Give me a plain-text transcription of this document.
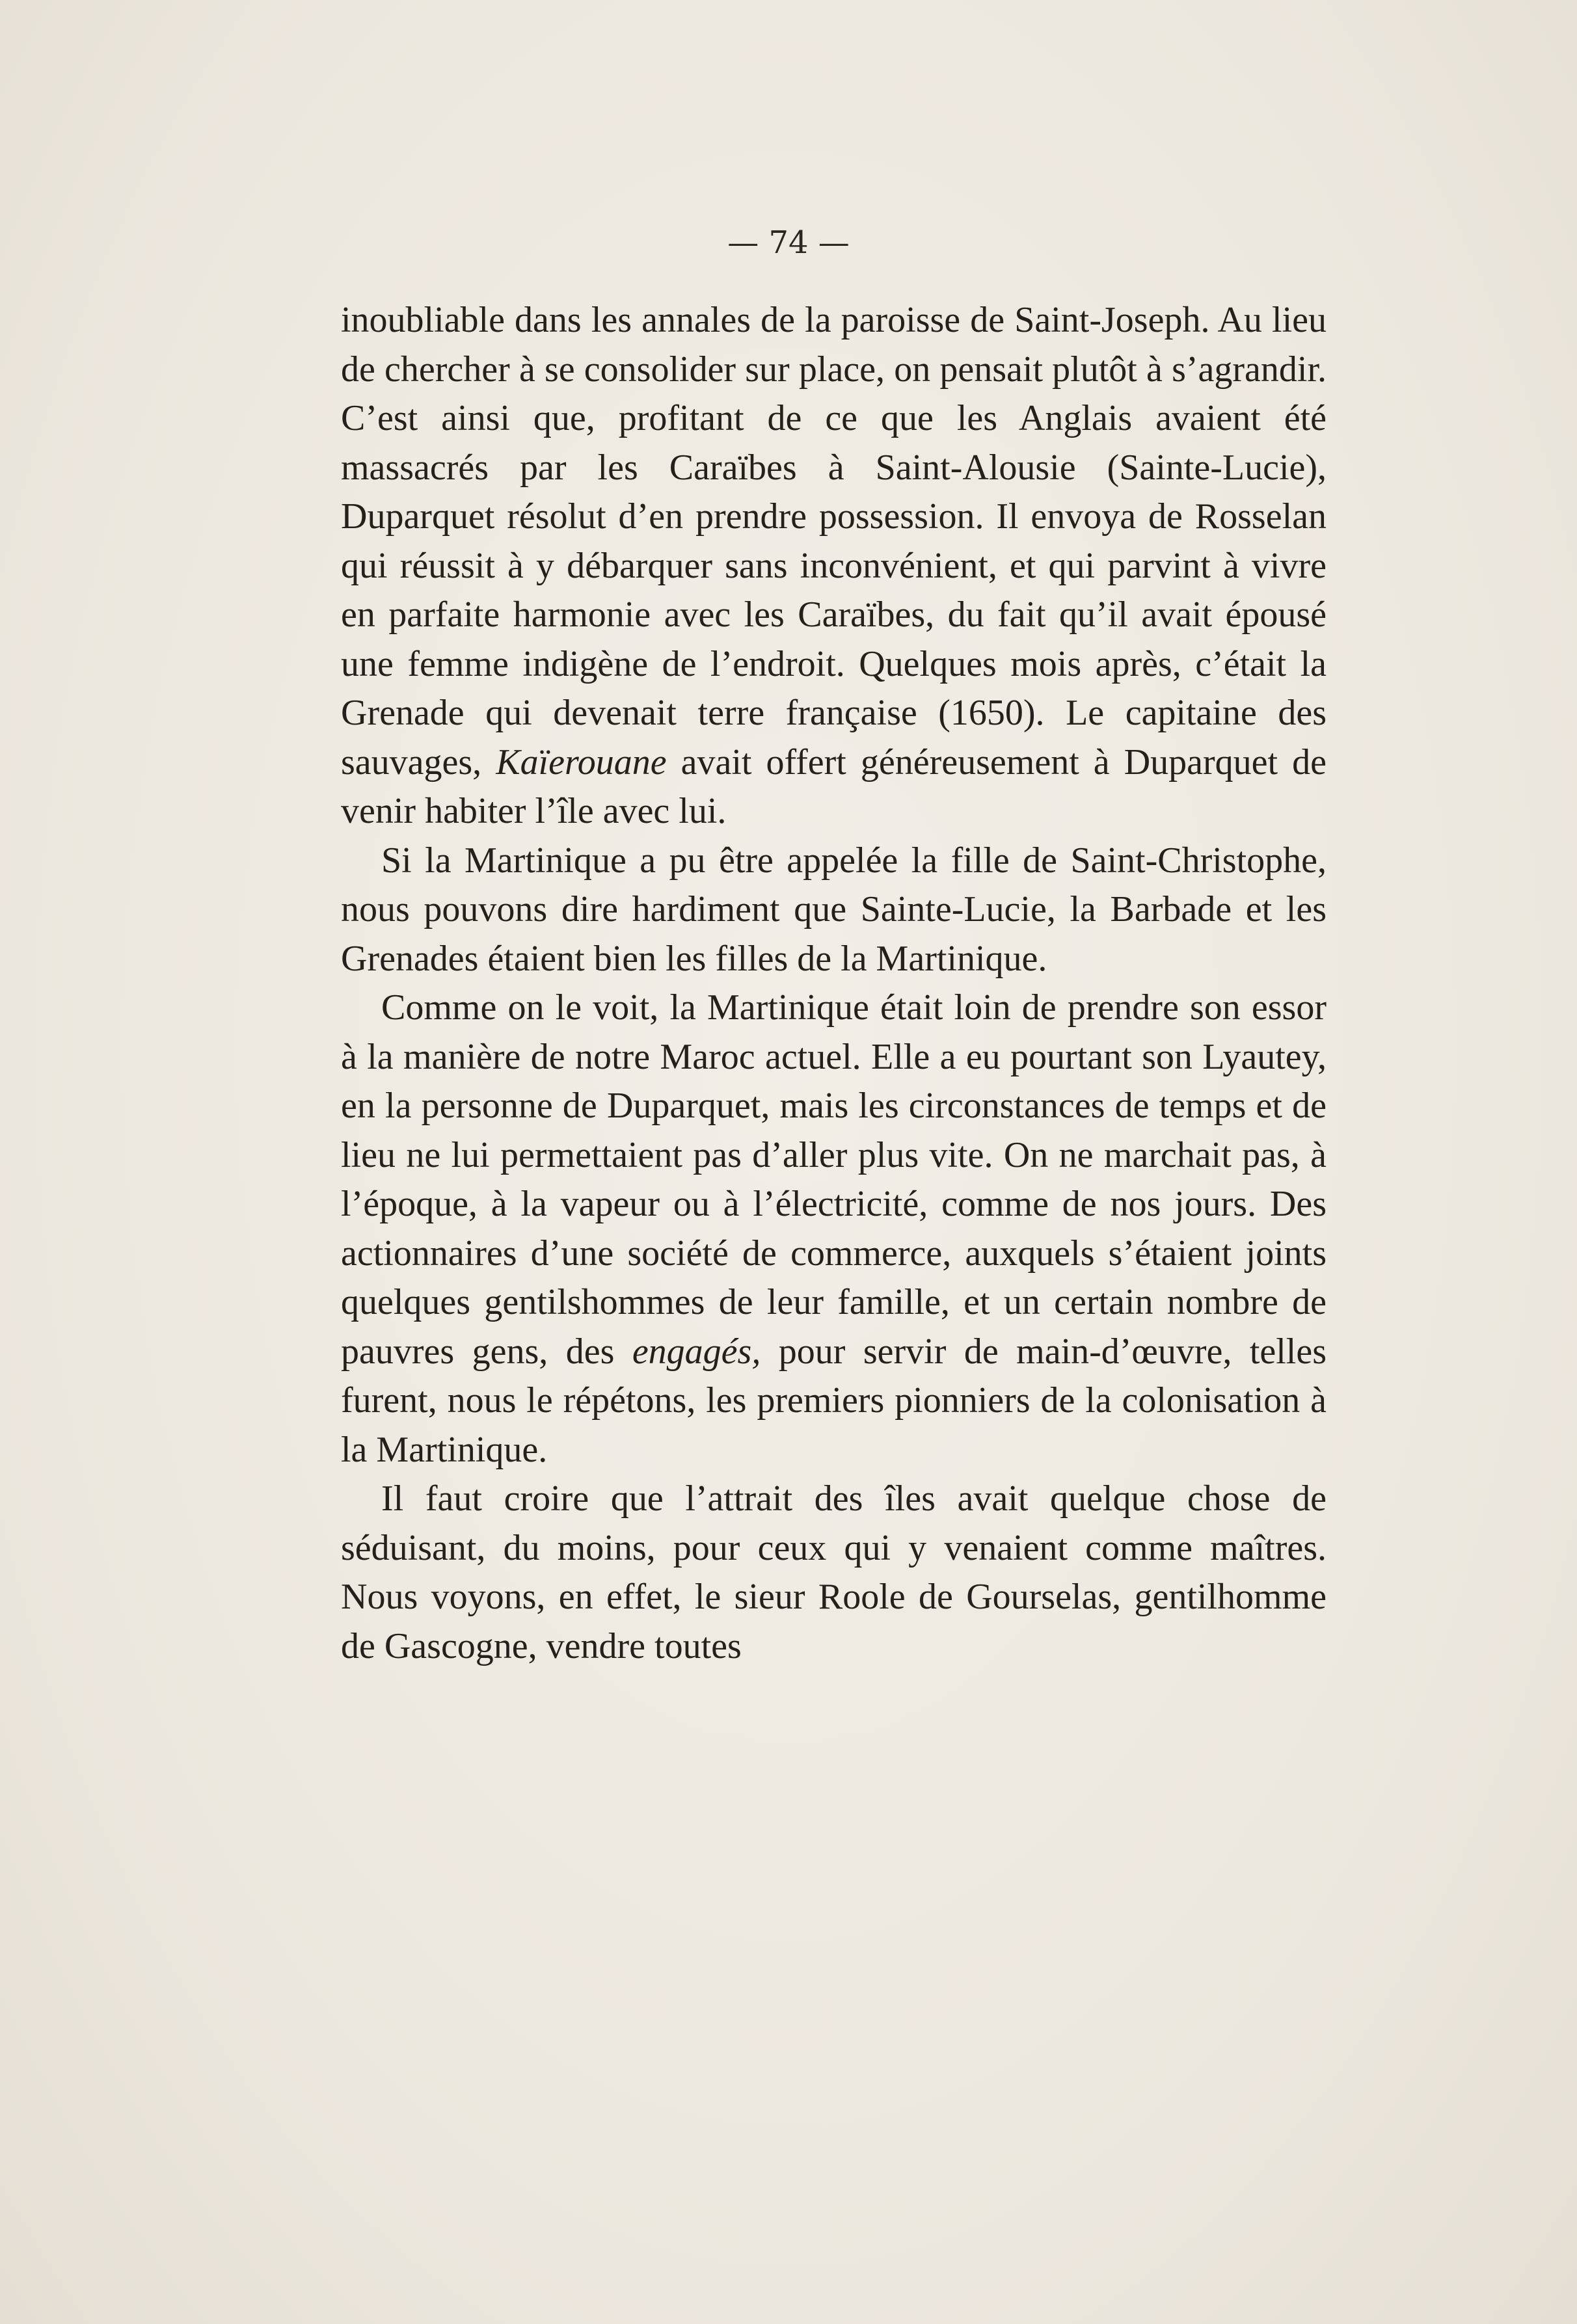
— 74 —

inoubliable dans les annales de la paroisse de Saint-Joseph. Au lieu de chercher à se consolider sur place, on pensait plutôt à s’agrandir. C’est ainsi que, profitant de ce que les Anglais avaient été massacrés par les Caraïbes à Saint-Alousie (Sainte-Lucie), Duparquet résolut d’en prendre possession. Il envoya de Rosselan qui réussit à y débarquer sans inconvénient, et qui parvint à vivre en parfaite harmonie avec les Caraïbes, du fait qu’il avait épousé une femme indigène de l’endroit. Quelques mois après, c’était la Grenade qui devenait terre française (1650). Le capitaine des sauvages, Kaïerouane avait offert généreusement à Duparquet de venir habiter l’île avec lui.

Si la Martinique a pu être appelée la fille de Saint-Christophe, nous pouvons dire hardiment que Sainte-Lucie, la Barbade et les Grenades étaient bien les filles de la Martinique.

Comme on le voit, la Martinique était loin de prendre son essor à la manière de notre Maroc actuel. Elle a eu pourtant son Lyautey, en la personne de Duparquet, mais les circonstances de temps et de lieu ne lui permettaient pas d’aller plus vite. On ne marchait pas, à l’époque, à la vapeur ou à l’électricité, comme de nos jours. Des actionnaires d’une société de commerce, auxquels s’étaient joints quelques gentilshommes de leur famille, et un certain nombre de pauvres gens, des engagés, pour servir de main-d’œuvre, telles furent, nous le répétons, les premiers pionniers de la colonisation à la Martinique.

Il faut croire que l’attrait des îles avait quelque chose de séduisant, du moins, pour ceux qui y venaient comme maîtres. Nous voyons, en effet, le sieur Roole de Gourselas, gentilhomme de Gascogne, vendre toutes
